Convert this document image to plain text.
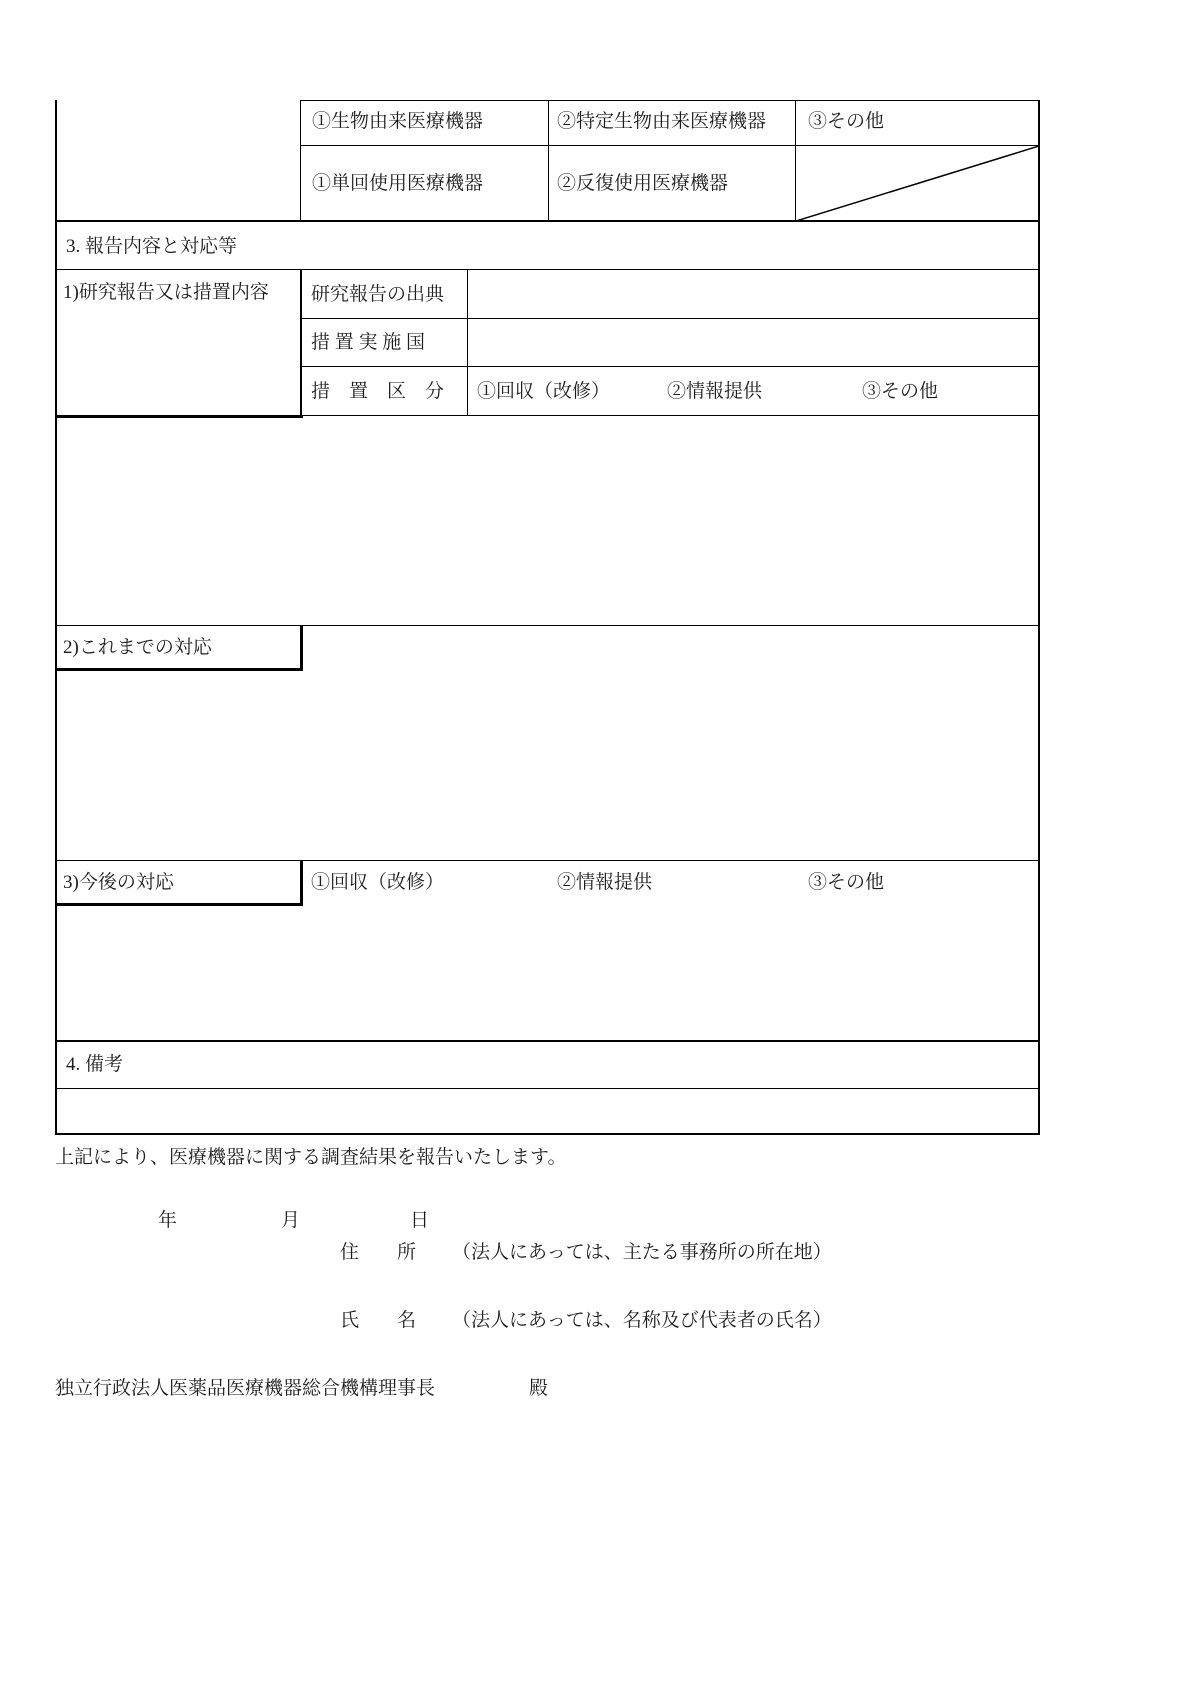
①生物由来医療機器	②特定生物由来医療機器 ③その他
①単回使用医療機器	②反復使用医療機器
3. 報告内容と対応等
1)研究報告又は措置内容 研究報告の出典
措 置 実 施 国
措　置　区　分 ①回収（改修）	②情報提供	③その他
2)これまでの対応
3)今後の対応	①回収（改修）	②情報提供	③その他
4. 備考
上記により、医療機器に関する調査結果を報告いたします。
年	月	日
住　　所 （法人にあっては、主たる事務所の所在地）
氏　　名 （法人にあっては、名称及び代表者の氏名）
独立行政法人医薬品医療機器総合機構理事長	殿
